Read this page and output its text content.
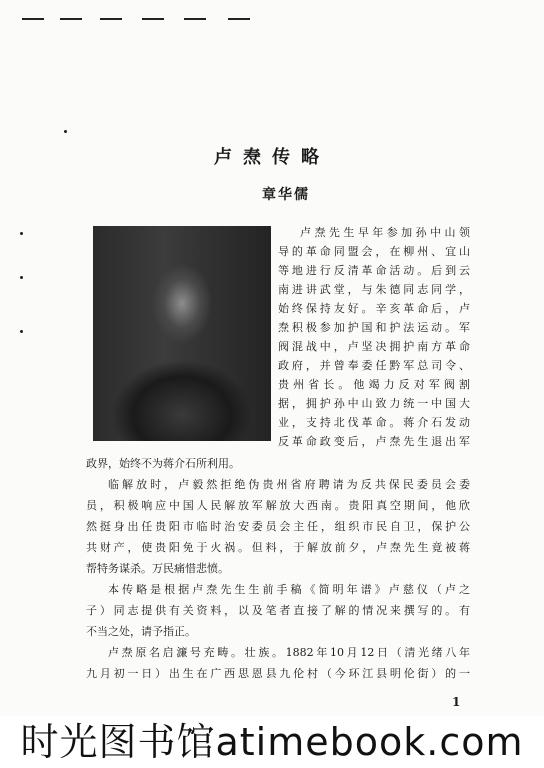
卢焘传略
章华儒
卢焘先生早年参加孙中山领
导的革命同盟会，在柳州、宜山
等地进行反清革命活动。后到云
南进讲武堂，与朱德同志同学，
始终保持友好。辛亥革命后，卢
焘积极参加护国和护法运动。军
阀混战中，卢坚决拥护南方革命
政府，并曾奉委任黔军总司令、
贵州省长。他竭力反对军阀割
据，拥护孙中山致力统一中国大
业，支持北伐革命。蒋介石发动
反革命政变后，卢焘先生退出军
政界，始终不为蒋介石所利用。
临解放时，卢毅然拒绝伪贵州省府聘请为反共保民委员会委
员，积极响应中国人民解放军解放大西南。贵阳真空期间，他欣
然挺身出任贵阳市临时治安委员会主任，组织市民自卫，保护公
共财产，使贵阳免于火祸。但料，于解放前夕，卢焘先生竟被蒋
帮特务谋杀。万民痛惜悲愤。
本传略是根据卢焘先生生前手稿《简明年谱》卢慈仪（卢之
子）同志提供有关资料，以及笔者直接了解的情况来撰写的。有
不当之处，请予指正。
卢焘原名启濂号充畴。壮族。1882年10月12日（清光绪八年
九月初一日）出生在广西思恩县九伦村（今环江县明伦街）的一
1
时光图书馆atimebook.com
